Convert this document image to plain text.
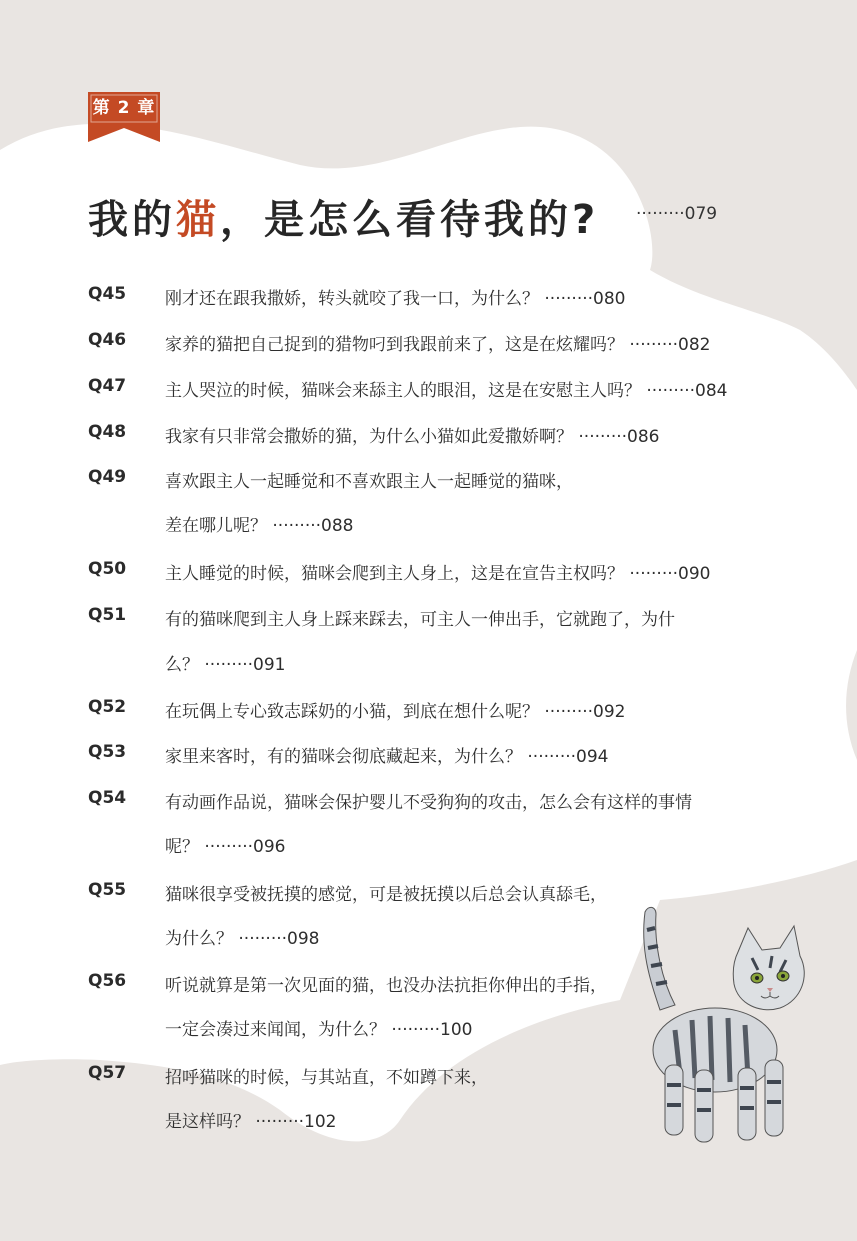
第 2 章
我的猫，是怎么看待我的? ·········079
Q45	刚才还在跟我撒娇，转头就咬了我一口，为什么？ ·········080
Q46	家养的猫把自己捉到的猎物叼到我跟前来了，这是在炫耀吗？ ·········082
Q47	主人哭泣的时候，猫咪会来舔主人的眼泪，这是在安慰主人吗？ ·········084
Q48	我家有只非常会撒娇的猫，为什么小猫如此爱撒娇啊？ ·········086
Q49	喜欢跟主人一起睡觉和不喜欢跟主人一起睡觉的猫咪，
差在哪儿呢？ ·········088
Q50	主人睡觉的时候，猫咪会爬到主人身上，这是在宣告主权吗？ ·········090
Q51	有的猫咪爬到主人身上踩来踩去，可主人一伸出手，它就跑了，为什
么？ ·········091
Q52	在玩偶上专心致志踩奶的小猫，到底在想什么呢？ ·········092
Q53	家里来客时，有的猫咪会彻底藏起来，为什么？ ·········094
Q54	有动画作品说，猫咪会保护婴儿不受狗狗的攻击，怎么会有这样的事情
呢？ ·········096
Q55	猫咪很享受被抚摸的感觉，可是被抚摸以后总会认真舔毛，
为什么？ ·········098
Q56	听说就算是第一次见面的猫，也没办法抗拒你伸出的手指，
一定会凑过来闻闻，为什么？ ·········100
Q57	招呼猫咪的时候，与其站直，不如蹲下来，
是这样吗？ ·········102
